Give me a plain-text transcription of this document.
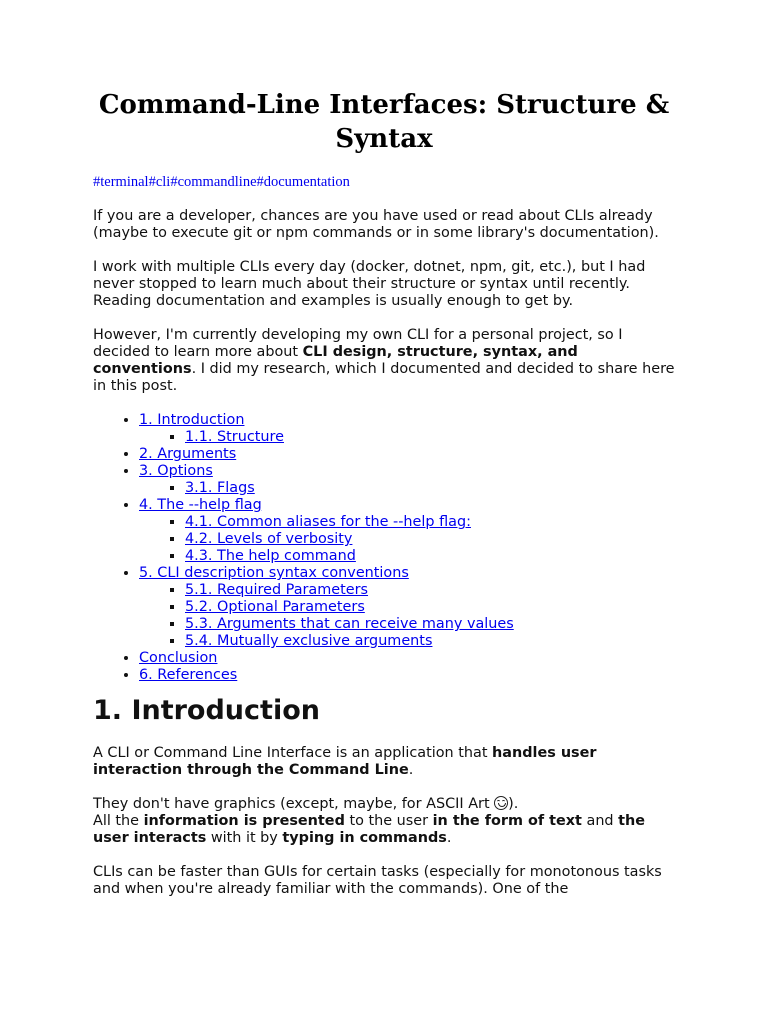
Command-Line Interfaces: Structure & Syntax
#terminal#cli#commandline#documentation

If you are a developer, chances are you have used or read about CLIs already (maybe to execute git or npm commands or in some library's documentation).

I work with multiple CLIs every day (docker, dotnet, npm, git, etc.), but I had never stopped to learn much about their structure or syntax until recently. Reading documentation and examples is usually enough to get by.

However, I'm currently developing my own CLI for a personal project, so I decided to learn more about CLI design, structure, syntax, and conventions. I did my research, which I documented and decided to share here in this post.

• 1. Introduction
▪ 1.1. Structure
• 2. Arguments
• 3. Options
▪ 3.1. Flags
• 4. The --help flag
▪ 4.1. Common aliases for the --help flag:
▪ 4.2. Levels of verbosity
▪ 4.3. The help command
• 5. CLI description syntax conventions
▪ 5.1. Required Parameters
▪ 5.2. Optional Parameters
▪ 5.3. Arguments that can receive many values
▪ 5.4. Mutually exclusive arguments
• Conclusion
• 6. References
1. Introduction

A CLI or Command Line Interface is an application that handles user interaction through the Command Line.

They don't have graphics (except, maybe, for ASCII Art
).
All the information is presented to the user in the form of text and the user interacts with it by typing in commands.

CLIs can be faster than GUIs for certain tasks (especially for monotonous tasks and when you're already familiar with the commands). One of the
